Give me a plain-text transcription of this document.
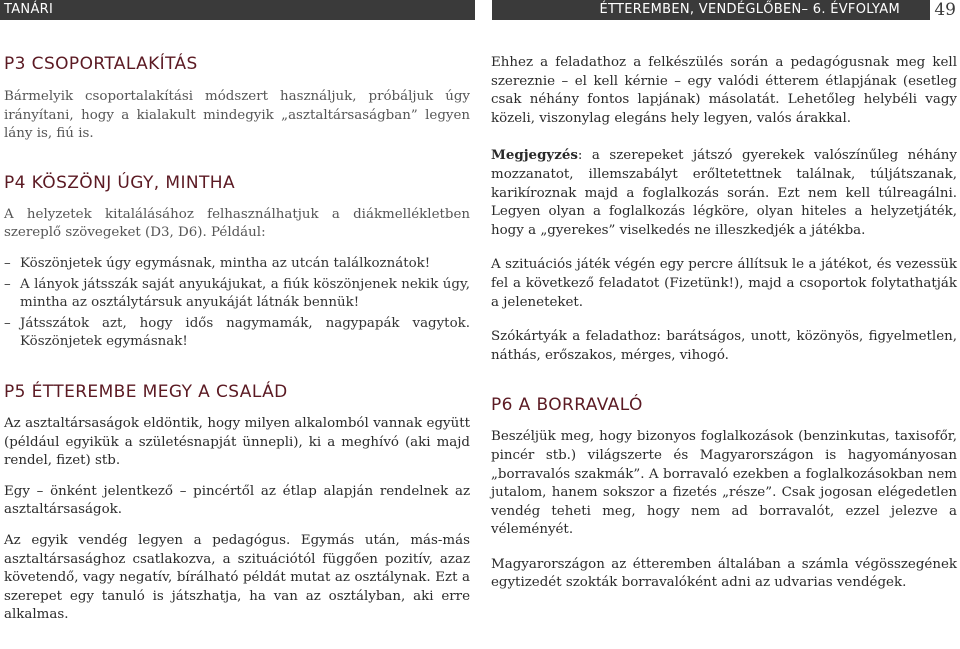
TANÁRI	ÉTTEREMBEN, VENDÉGLŐBEN– 6. ÉVFOLYAM 49
P3 CSOPORTALAKÍTÁS

Bármelyik csoportalakítási módszert használjuk, próbáljuk úgy irányítani, hogy a kialakult mindegyik „asztaltársaságban” legyen lány is, fiú is.

P4 KÖSZÖNJ ÚGY, MINTHA

A helyzetek kitalálásához felhasználhatjuk a diákmellékletben szereplő szövegeket (D3, D6). Például:

– Köszönjetek úgy egymásnak, mintha az utcán találkoznátok!
– A lányok játsszák saját anyukájukat, a fiúk köszönjenek nekik úgy, mintha az osztálytársuk anyukáját látnák bennük!
– Játsszátok azt, hogy idős nagymamák, nagypapák vagytok. Köszönjetek egymásnak!
P5 ÉTTEREMBE MEGY A CSALÁD

Az asztaltársaságok eldöntik, hogy milyen alkalomból vannak együtt (például egyikük a születésnapját ünnepli), ki a meghívó (aki majd rendel, fizet) stb.

Egy – önként jelentkező – pincértől az étlap alapján rendelnek az asztaltársaságok.

Az egyik vendég legyen a pedagógus. Egymás után, más-más asztaltársasághoz csatlakozva, a szituációtól függően pozitív, azaz követendő, vagy negatív, bírálható példát mutat az osztálynak. Ezt a szerepet egy tanuló is játszhatja, ha van az osztályban, aki erre alkalmas.

Ehhez a feladathoz a felkészülés során a pedagógusnak meg kell szereznie – el kell kérnie – egy valódi étterem étlapjának (esetleg csak néhány fontos lapjának) másolatát. Lehetőleg helybéli vagy közeli, viszonylag elegáns hely legyen, valós árakkal.

Megjegyzés: a szerepeket játszó gyerekek valószínűleg néhány mozzanatot, illemszabályt erőltetettnek találnak, túljátszanak, karikíroznak majd a foglalkozás során. Ezt nem kell túlreagálni. Legyen olyan a foglalkozás légköre, olyan hiteles a helyzetjáték, hogy a „gyerekes” viselkedés ne illeszkedjék a játékba.

A szituációs játék végén egy percre állítsuk le a játékot, és vezessük fel a következő feladatot (Fizetünk!), majd a csoportok folytathatják a jeleneteket.

Szókártyák a feladathoz: barátságos, unott, közönyös, figyelmetlen, náthás, erőszakos, mérges, vihogó.

P6 A BORRAVALÓ

Beszéljük meg, hogy bizonyos foglalkozások (benzinkutas, taxisofőr, pincér stb.) világszerte és Magyarországon is hagyományosan „borravalós szakmák”. A borravaló ezekben a foglalkozásokban nem jutalom, hanem sokszor a fizetés „része”. Csak jogosan elégedetlen vendég teheti meg, hogy nem ad borravalót, ezzel jelezve a véleményét.

Magyarországon az étteremben általában a számla végösszegének egytizedét szokták borravalóként adni az udvarias vendégek.
